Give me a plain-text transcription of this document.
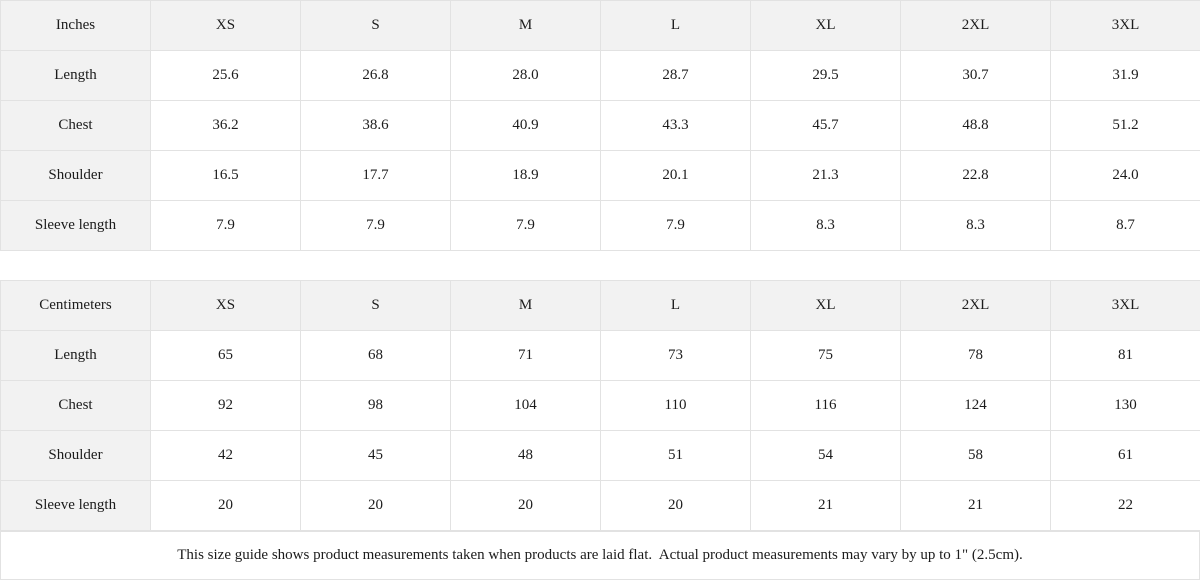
Inches	XS	S	M	L	XL	2XL	3XL
Length	25.6	26.8	28.0	28.7	29.5	30.7	31.9
Chest	36.2	38.6	40.9	43.3	45.7	48.8	51.2
Shoulder	16.5	17.7	18.9	20.1	21.3	22.8	24.0
Sleeve length	7.9	7.9	7.9	7.9	8.3	8.3	8.7
Centimeters	XS	S	M	L	XL	2XL	3XL
Length	65	68	71	73	75	78	81
Chest	92	98	104	110	116	124	130
Shoulder	42	45	48	51	54	58	61
Sleeve length	20	20	20	20	21	21	22
This size guide shows product measurements taken when products are laid flat.  Actual product measurements may vary by up to 1" (2.5cm).
